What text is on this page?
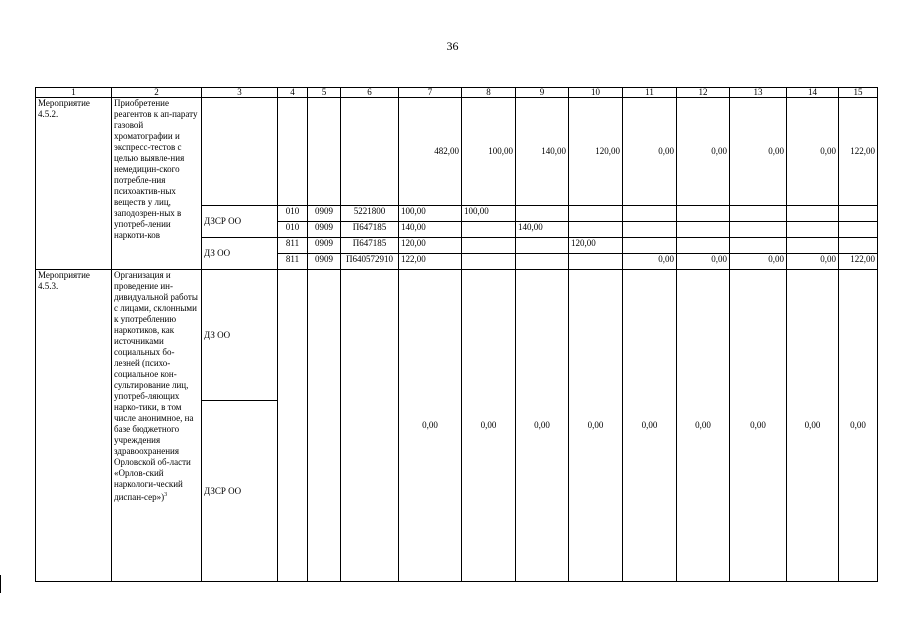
36
1	2	3	4	5	6	7	8	9	10	11	12	13	14	15
Мероприятие 4.5.2.	Приобретение реагентов к ап-парату газовой хроматографии и экспресс-тестов с целью выявле-ния немедицин-ского потребле-ния психоактив-ных веществ у лиц, заподозрен-ных в употреб-лении наркоти-ков					482,00	100,00	140,00	120,00	0,00	0,00	0,00	0,00	122,00
		ДЗСР ОО	010	0909	5221800	100,00	100,00							
			010	0909	П647185	140,00		140,00						
		ДЗ ОО	811	0909	П647185	120,00			120,00					
			811	0909	П640572910	122,00				0,00	0,00	0,00	0,00	122,00
Мероприятие 4.5.3.	Организация и проведение ин-дивидуальной работы с лицами, склонными к употреблению наркотиков, как источниками социальных бо-лезней (психо-социальное кон-сультирование лиц, употреб-ляющих нарко-тики, в том числе анонимное, на базе бюджетного учреждения здравоохранения Орловской об-ласти «Орлов-ский наркологи-ческий диспан-сер»)$^3$	ДЗ ОО				0,00	0,00	0,00	0,00	0,00	0,00	0,00	0,00	0,00
		ДЗСР ОО												
